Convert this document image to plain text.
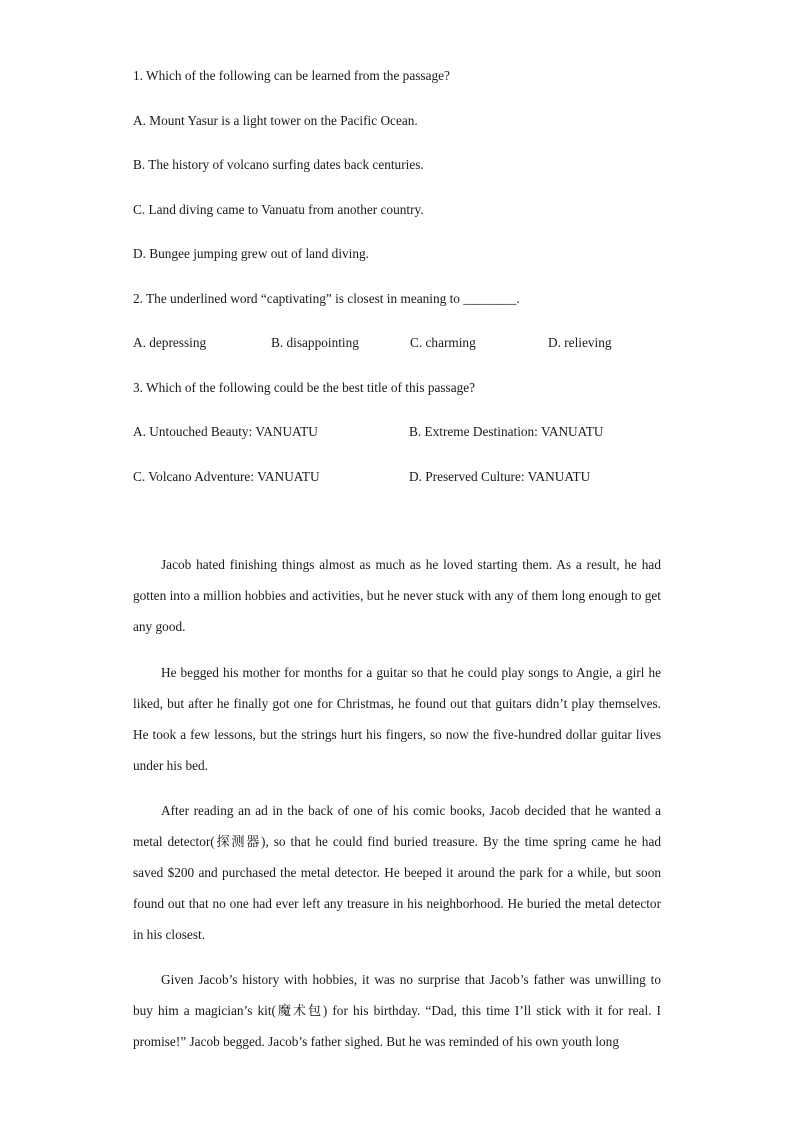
1. Which of the following can be learned from the passage?
A. Mount Yasur is a light tower on the Pacific Ocean.
B. The history of volcano surfing dates back centuries.
C. Land diving came to Vanuatu from another country.
D. Bungee jumping grew out of land diving.
2. The underlined word “captivating” is closest in meaning to ________.
A. depressing	B. disappointing	C. charming	D. relieving
3. Which of the following could be the best title of this passage?
A. Untouched Beauty: VANUATU	B. Extreme Destination: VANUATU
C. Volcano Adventure: VANUATU	D. Preserved Culture: VANUATU

Jacob hated finishing things almost as much as he loved starting them. As a result, he had gotten into a million hobbies and activities, but he never stuck with any of them long enough to get any good.

He begged his mother for months for a guitar so that he could play songs to Angie, a girl he liked, but after he finally got one for Christmas, he found out that guitars didn’t play themselves. He took a few lessons, but the strings hurt his fingers, so now the five-hundred dollar guitar lives under his bed.

After reading an ad in the back of one of his comic books, Jacob decided that he wanted a metal detector(探测器), so that he could find buried treasure. By the time spring came he had saved $200 and purchased the metal detector. He beeped it around the park for a while, but soon found out that no one had ever left any treasure in his neighborhood. He buried the metal detector in his closest.

Given Jacob’s history with hobbies, it was no surprise that Jacob’s father was unwilling to buy him a magician’s kit(魔术包) for his birthday. “Dad, this time I’ll stick with it for real. I promise!” Jacob begged. Jacob’s father sighed. But he was reminded of his own youth long
